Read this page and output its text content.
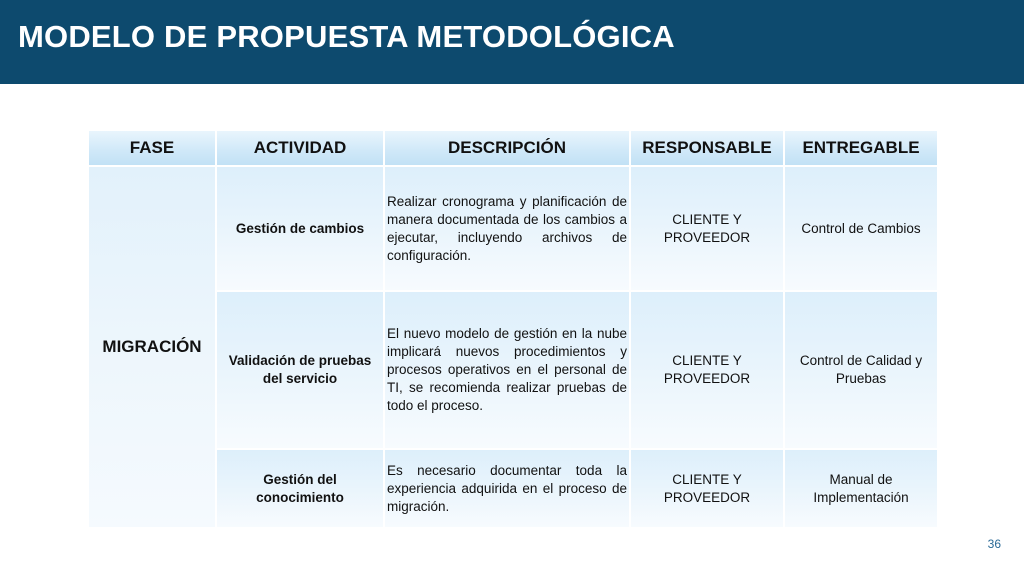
MODELO DE PROPUESTA METODOLÓGICA
FASE	ACTIVIDAD	DESCRIPCIÓN	RESPONSABLE	ENTREGABLE
MIGRACIÓN	Gestión de cambios	Realizar cronograma y planificación de manera documentada de los cambios a ejecutar, incluyendo archivos de configuración.	CLIENTE Y PROVEEDOR	Control de Cambios
	Validación de pruebas del servicio	El nuevo modelo de gestión en la nube implicará nuevos procedimientos y procesos operativos en el personal de TI, se recomienda realizar pruebas de todo el proceso.	CLIENTE Y PROVEEDOR	Control de Calidad y Pruebas
	Gestión del conocimiento	Es necesario documentar toda la experiencia adquirida en el proceso de migración.	CLIENTE Y PROVEEDOR	Manual de Implementación
36
